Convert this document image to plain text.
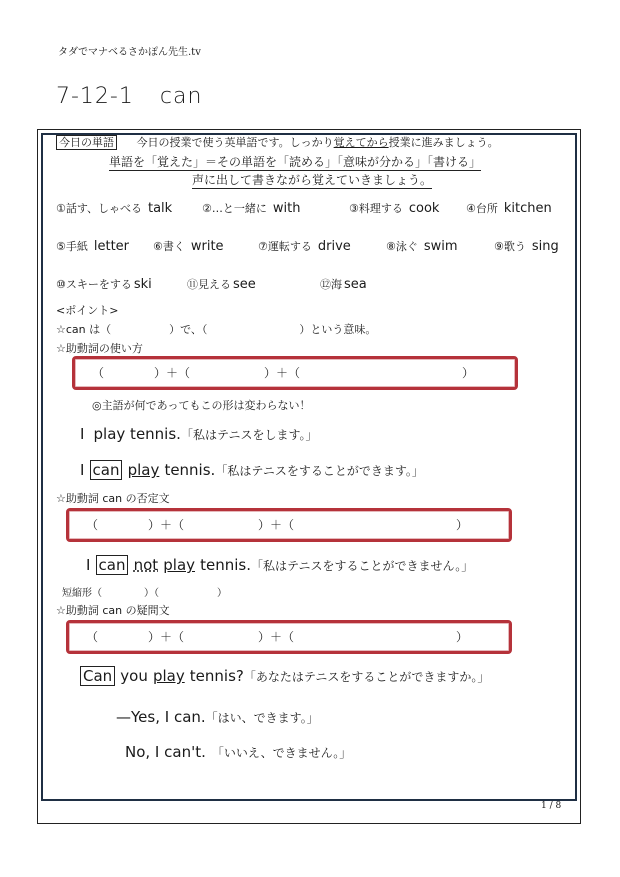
タダでマナベるさかぽん先生.tv
7-12-1 can
今日の単語 今日の授業で使う英単語です。しっかり覚えてから授業に進みましょう。
単語を「覚えた」＝その単語を「読める」「意味が分かる」「書ける」
声に出して書きながら覚えていきましょう。
①話す、しゃべる talk	②…と一緒に with	③料理する cook ④台所 kitchen
⑤手紙 letter ⑥書く write	⑦運転する drive	⑧泳ぐ swim	⑨歌う sing
⑩スキーをする ski	⑪見える see	⑫海 sea
<ポイント>
☆can は（	）で、（	）という意味。
☆助動詞の使い方
（	）＋（	）＋（	）
◎主語が何であってもこの形は変わらない！
I play tennis.「私はテニスをします。」
I can play tennis.「私はテニスをすることができます。」
☆助動詞 can の否定文
（	）＋（	）＋（	）
I can not play tennis.「私はテニスをすることができません。」
短縮形（	）（	）
☆助動詞 can の疑問文
（	）＋（	）＋（	）
Can you play tennis?「あなたはテニスをすることができますか。」
—Yes, I can.「はい、できます。」
No, I can't. 「いいえ、できません。」
1 / 8
